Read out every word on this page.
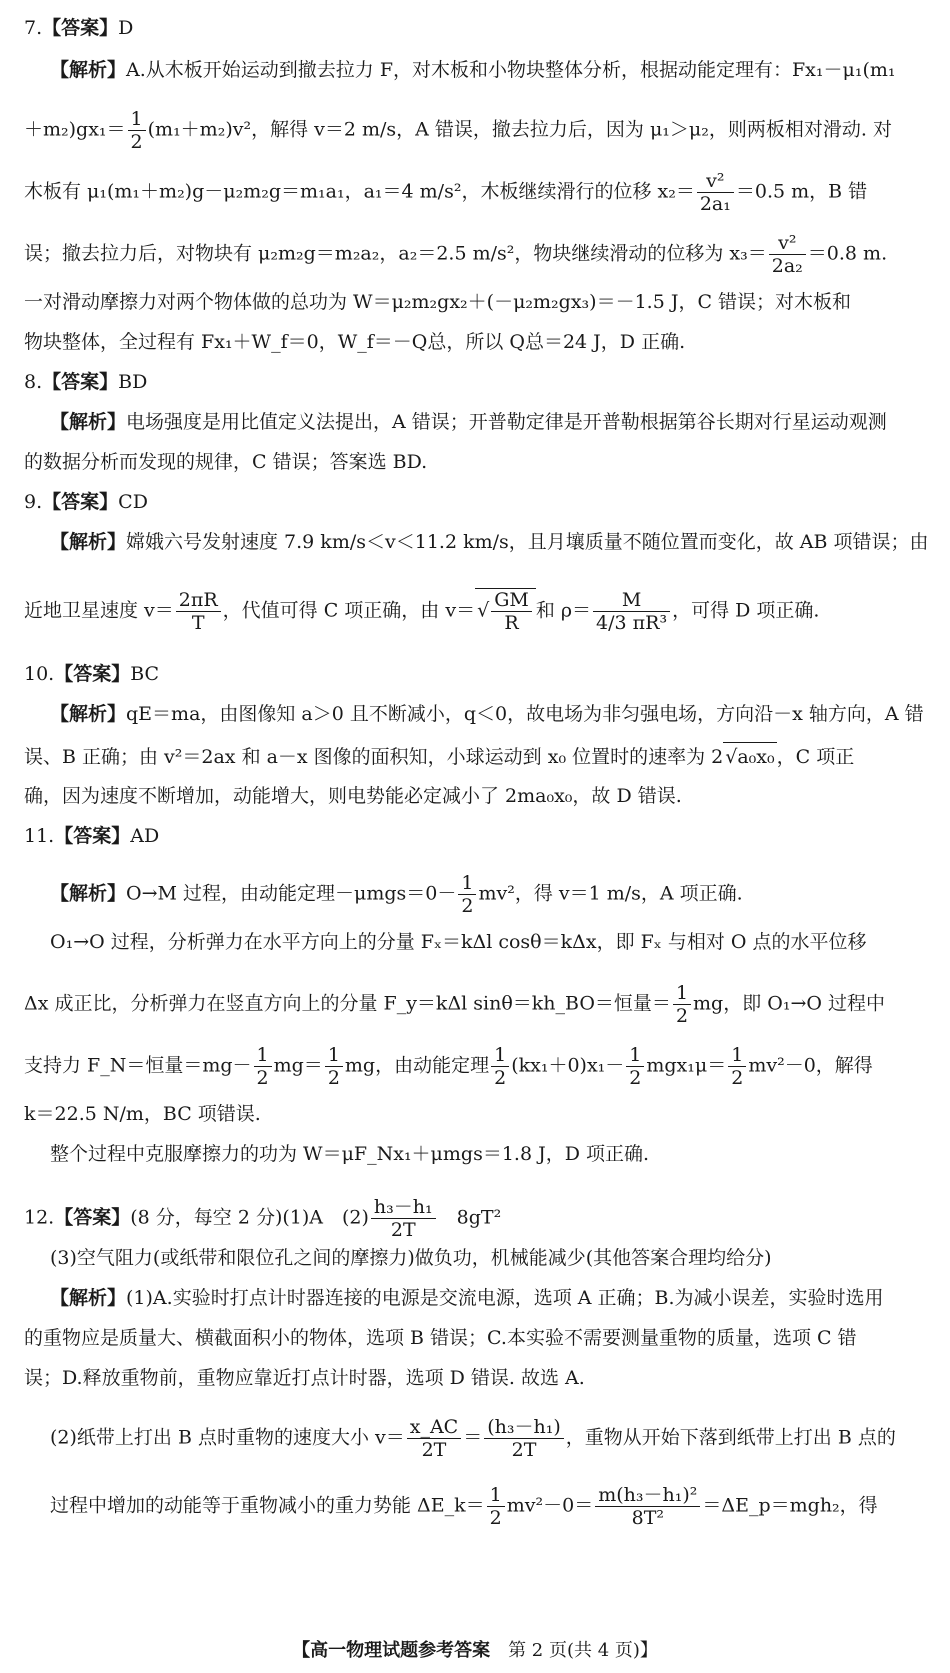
7.【答案】D
【解析】A.从木板开始运动到撤去拉力 F，对木板和小物块整体分析，根据动能定理有：Fx₁－μ₁(m₁
$+m_2)gx_1= \frac{1}{2} (m_1+m_2)v^2$，解得 v＝2 m/s，A 错误，撤去拉力后，因为 μ₁＞μ₂，则两板相对滑动. 对
木板有 μ₁(m₁＋m₂)g－μ₂m₂g＝m₁a₁，a₁＝4 m/s²，木板继续滑行的位移 $x_2= \frac{\text{v²}}{\text{2a₁}} =0.5$ m，B 错
误；撤去拉力后，对物块有 μ₂m₂g＝m₂a₂，a₂＝2.5 m/s²，物块继续滑动的位移为 $x_3= \frac{\text{v²}}{\text{2a₂}} =0.8$ m.
一对滑动摩擦力对两个物体做的总功为 W＝μ₂m₂gx₂＋(－μ₂m₂gx₃)＝－1.5 J，C 错误；对木板和
物块整体，全过程有 Fx₁＋W_f＝0，W_f＝－Q总，所以 Q总＝24 J，D 正确.
8.【答案】BD
【解析】电场强度是用比值定义法提出，A 错误；开普勒定律是开普勒根据第谷长期对行星运动观测
的数据分析而发现的规律，C 错误；答案选 BD.
9.【答案】CD
【解析】嫦娥六号发射速度 7.9 km/s＜v＜11.2 km/s，且月壤质量不随位置而变化，故 AB 项错误；由
近地卫星速度 $v= \frac{2\pi R}{T}$ ，代值可得 C 项正确，由 v＝ √ $\frac{GM}{R}$ 和 $\rho= \frac{M}{\text{4/3 πR³}}$ ，可得 D 项正确.
10.【答案】BC
【解析】qE＝ma，由图像知 a＞0 且不断减小，q＜0，故电场为非匀强电场，方向沿－x 轴方向，A 错
误、B 正确；由 v²＝2ax 和 a－x 图像的面积知，小球运动到 x₀ 位置时的速率为 2 √a₀x₀ ，C 项正
确，因为速度不断增加，动能增大，则电势能必定减小了 2ma₀x₀，故 D 错误.
11.【答案】AD
【解析】O→M 过程，由动能定理$-\mu mgs=0- \frac{1}{2} mv^2$，得 v＝1 m/s，A 项正确.
O₁→O 过程，分析弹力在水平方向上的分量 Fₓ＝kΔl cosθ＝kΔx，即 Fₓ 与相对 O 点的水平位移
Δx 成正比，分析弹力在竖直方向上的分量 F_y＝kΔl sinθ＝kh_BO＝恒量＝ $\frac{1}{2}$ mg，即 O₁→O 过程中
支持力 F_N＝恒量$=mg- \frac{1}{2} mg= \frac{1}{2}$ mg，由动能定理 $\frac{1}{2} (kx_1+0)x_1- \frac{1}{2} mgx_1\mu= \frac{1}{2} mv^2-0$，解得
k＝22.5 N/m，BC 项错误.
整个过程中克服摩擦力的功为 W＝μF_Nx₁＋μmgs＝1.8 J，D 项正确.
12.【答案】(8 分，每空 2 分)(1)A　$(2) \frac{\text{h₃－h₁}}{2T}$
　 8gT²
(3)空气阻力(或纸带和限位孔之间的摩擦力)做负功，机械能减少(其他答案合理均给分)
【解析】(1)A.实验时打点计时器连接的电源是交流电源，选项 A 正确；B.为减小误差，实验时选用
的重物应是质量大、横截面积小的物体，选项 B 错误；C.本实验不需要测量重物的质量，选项 C 错
误；D.释放重物前，重物应靠近打点计时器，选项 D 错误. 故选 A.
(2)纸带上打出 B 点时重物的速度大小 $v= \frac{x\_AC}{2T} = \frac{\text{(h₃－h₁)}}{2T}$ ，重物从开始下落到纸带上打出 B 点的
过程中增加的动能等于重物减小的重力势能 ΔE_k＝ $\frac{1}{2} mv^2-0= \frac{\text{m(h₃－h₁)²}}{\text{8T²}}$ ＝ΔE_p＝mgh₂，得
【高一物理试题参考答案　 第 2 页(共 4 页)】
